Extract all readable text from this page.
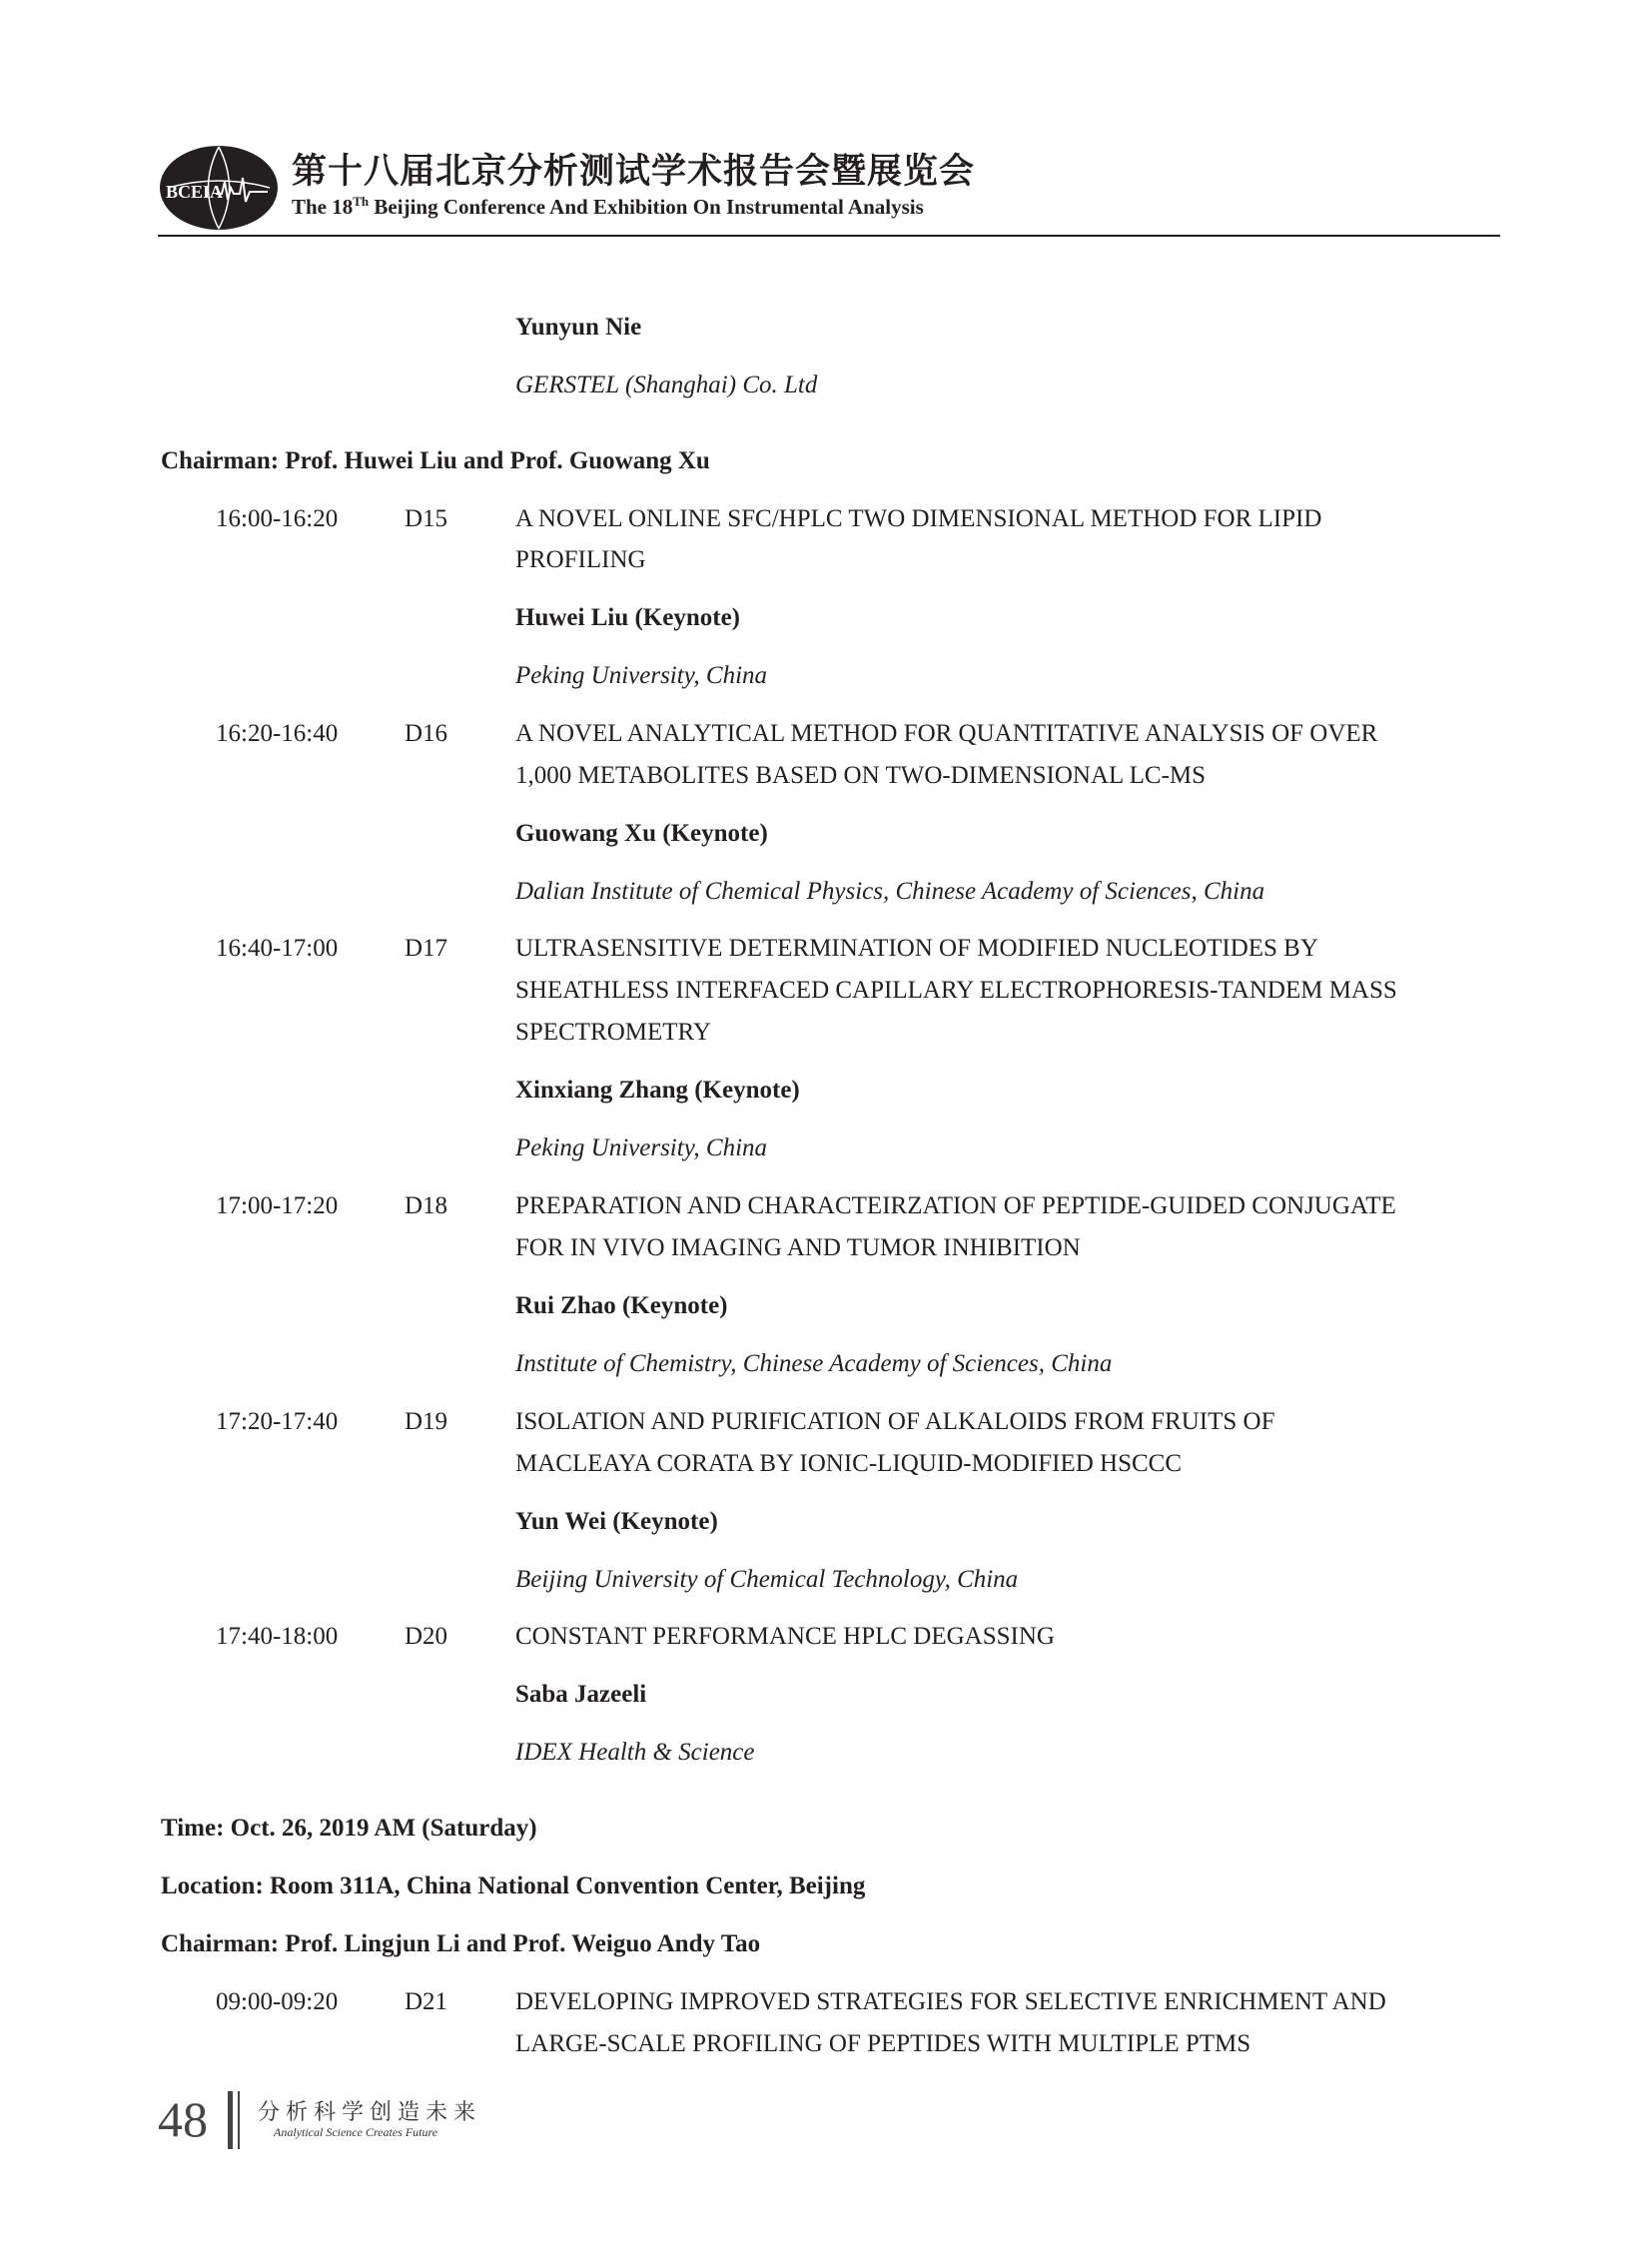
BCEIA 第十八届北京分析测试学术报告会暨展览会
The 18Th Beijing Conference And Exhibition On Instrumental Analysis
Yunyun Nie
GERSTEL (Shanghai) Co. Ltd
Chairman: Prof. Huwei Liu and Prof. Guowang Xu
16:00-16:20	D15	A NOVEL ONLINE SFC/HPLC TWO DIMENSIONAL METHOD FOR LIPID
PROFILING
Huwei Liu (Keynote)
Peking University, China
16:20-16:40	D16	A NOVEL ANALYTICAL METHOD FOR QUANTITATIVE ANALYSIS OF OVER
1,000 METABOLITES BASED ON TWO-DIMENSIONAL LC-MS
Guowang Xu (Keynote)
Dalian Institute of Chemical Physics, Chinese Academy of Sciences, China
16:40-17:00	D17	ULTRASENSITIVE DETERMINATION OF MODIFIED NUCLEOTIDES BY
SHEATHLESS INTERFACED CAPILLARY ELECTROPHORESIS-TANDEM MASS
SPECTROMETRY
Xinxiang Zhang (Keynote)
Peking University, China
17:00-17:20	D18	PREPARATION AND CHARACTEIRZATION OF PEPTIDE-GUIDED CONJUGATE
FOR IN VIVO IMAGING AND TUMOR INHIBITION
Rui Zhao (Keynote)
Institute of Chemistry, Chinese Academy of Sciences, China
17:20-17:40	D19	ISOLATION AND PURIFICATION OF ALKALOIDS FROM FRUITS OF
MACLEAYA CORATA BY IONIC-LIQUID-MODIFIED HSCCC
Yun Wei (Keynote)
Beijing University of Chemical Technology, China
17:40-18:00	D20	CONSTANT PERFORMANCE HPLC DEGASSING
Saba Jazeeli
IDEX Health & Science
Time: Oct. 26, 2019 AM (Saturday)
Location: Room 311A, China National Convention Center, Beijing
Chairman: Prof. Lingjun Li and Prof. Weiguo Andy Tao
09:00-09:20	D21	DEVELOPING IMPROVED STRATEGIES FOR SELECTIVE ENRICHMENT AND
LARGE-SCALE PROFILING OF PEPTIDES WITH MULTIPLE PTMS
48 分析科学创造未来
Analytical Science Creates Future
